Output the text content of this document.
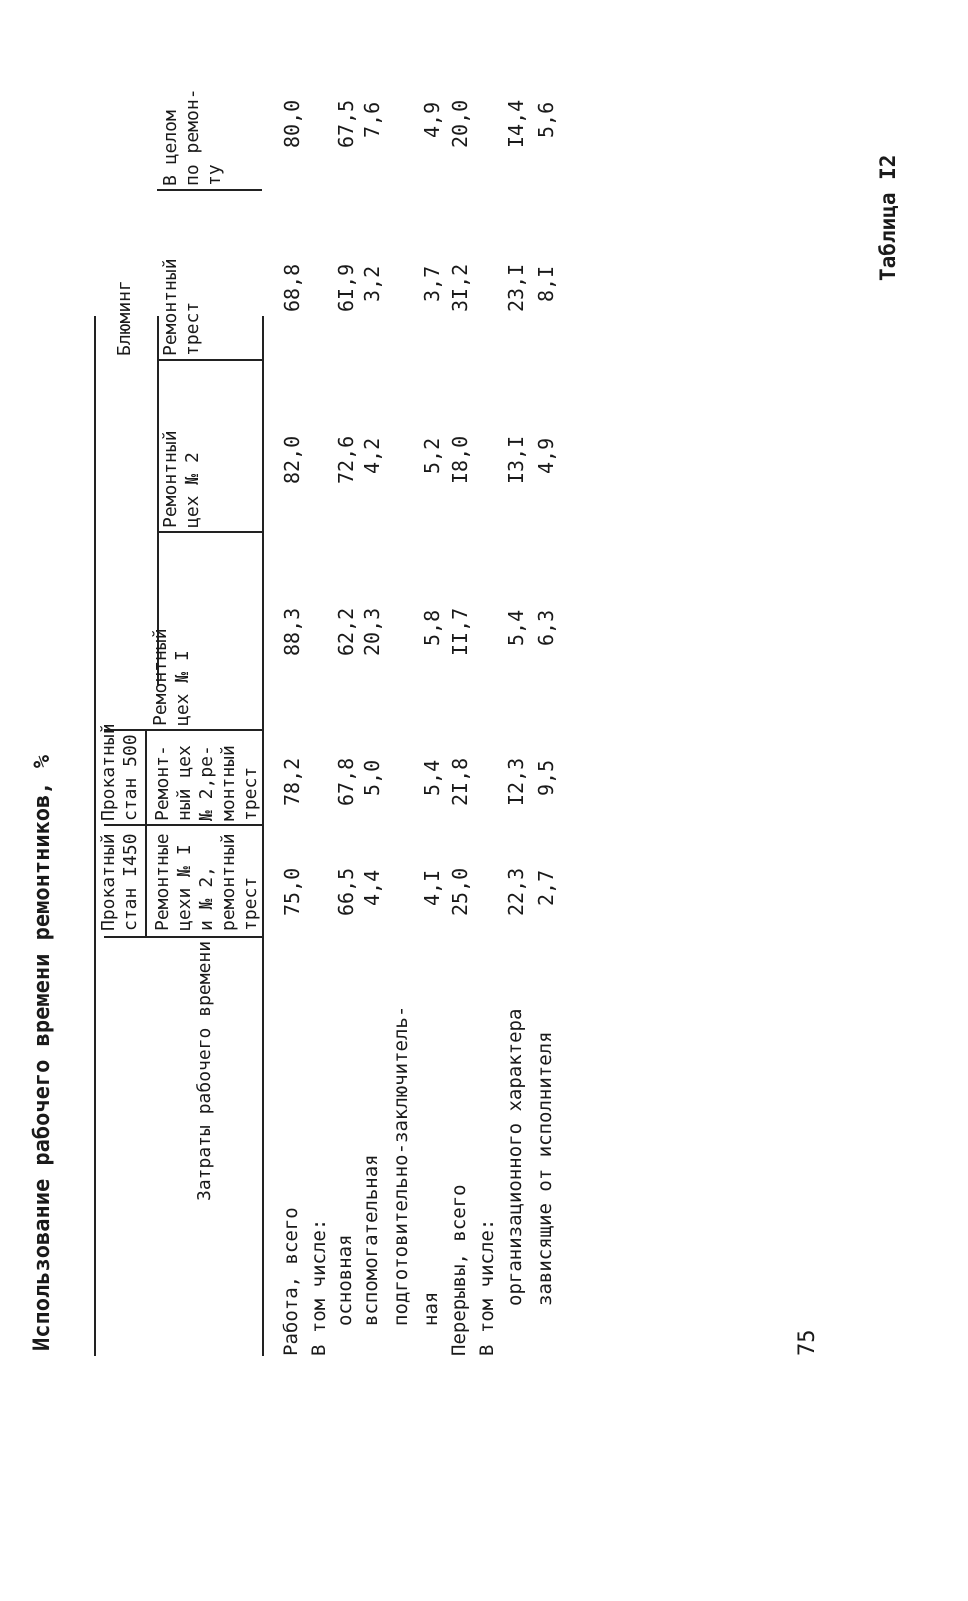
Использование рабочего времени ремонтников, %
Таблица I2
75
Затраты рабочего времени
Прокатный
стан I450
Прокатный
стан 500
Блюминг
Ремонтные
цехи № I
и № 2,
ремонтный
трест
Ремонт-
ный цех
№ 2,ре-
монтный
трест
Ремонтный
цех № I
Ремонтный
цех № 2
Ремонтный
трест
В целом
по ремон-
ту
Работа, всего В том числе: основная вспомогательная подготовительно-заключитель- ная Перерывы, всего В том числе: организационного характера зависящие от исполнителя
75,0
78,2
88,3
82,0
68,8
80,0
66,5
67,8
62,2
72,6
6I,9
67,5
4,4
5,0
20,3
4,2
3,2
7,6
4,I
5,4
5,8
5,2
3,7
4,9
25,0
2I,8
II,7
I8,0
3I,2
20,0
22,3
I2,3
5,4
I3,I
23,I
I4,4
2,7
9,5
6,3
4,9
8,I
5,6
